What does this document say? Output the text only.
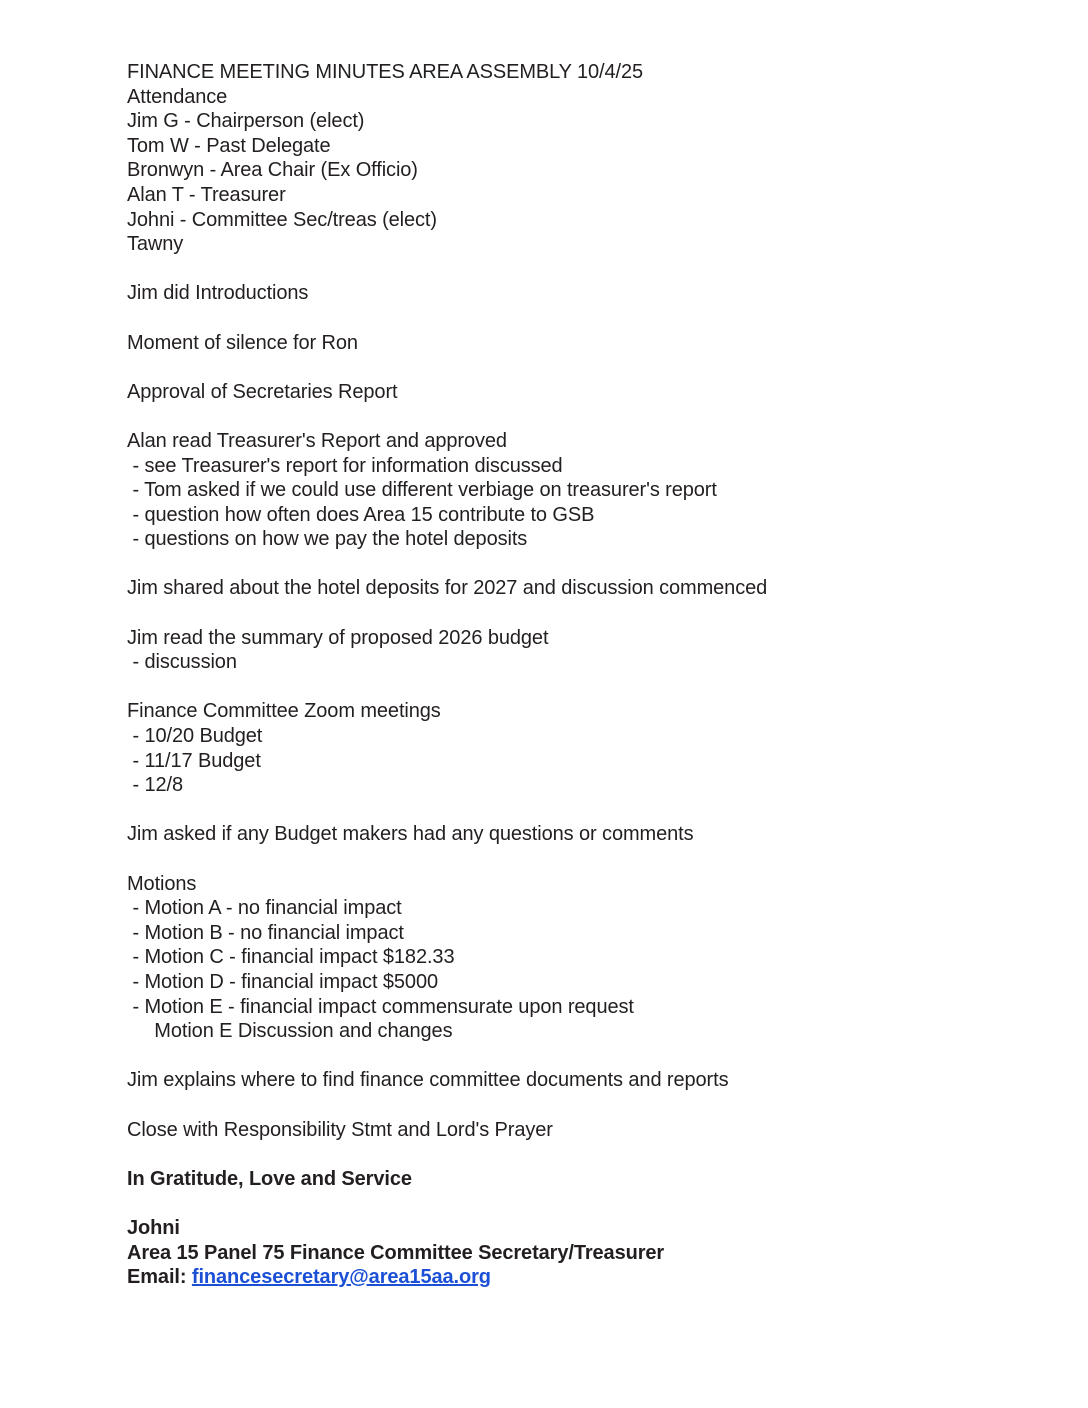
FINANCE MEETING MINUTES AREA ASSEMBLY 10/4/25
Attendance
Jim G - Chairperson (elect)
Tom W - Past Delegate
Bronwyn - Area Chair (Ex Officio)
Alan T - Treasurer
Johni - Committee Sec/treas (elect)
Tawny

Jim did Introductions

Moment of silence for Ron

Approval of Secretaries Report

Alan read Treasurer's Report and approved
- see Treasurer's report for information discussed
- Tom asked if we could use different verbiage on treasurer's report
- question how often does Area 15 contribute to GSB
- questions on how we pay the hotel deposits

Jim shared about the hotel deposits for 2027 and discussion commenced

Jim read the summary of proposed 2026 budget
- discussion

Finance Committee Zoom meetings
- 10/20 Budget
- 11/17 Budget
- 12/8

Jim asked if any Budget makers had any questions or comments

Motions
- Motion A - no financial impact
- Motion B - no financial impact
- Motion C - financial impact $182.33
- Motion D - financial impact $5000
- Motion E - financial impact commensurate upon request
Motion E Discussion and changes

Jim explains where to find finance committee documents and reports

Close with Responsibility Stmt and Lord's Prayer

In Gratitude, Love and Service

Johni
Area 15 Panel 75 Finance Committee Secretary/Treasurer
Email: financesecretary@area15aa.org
